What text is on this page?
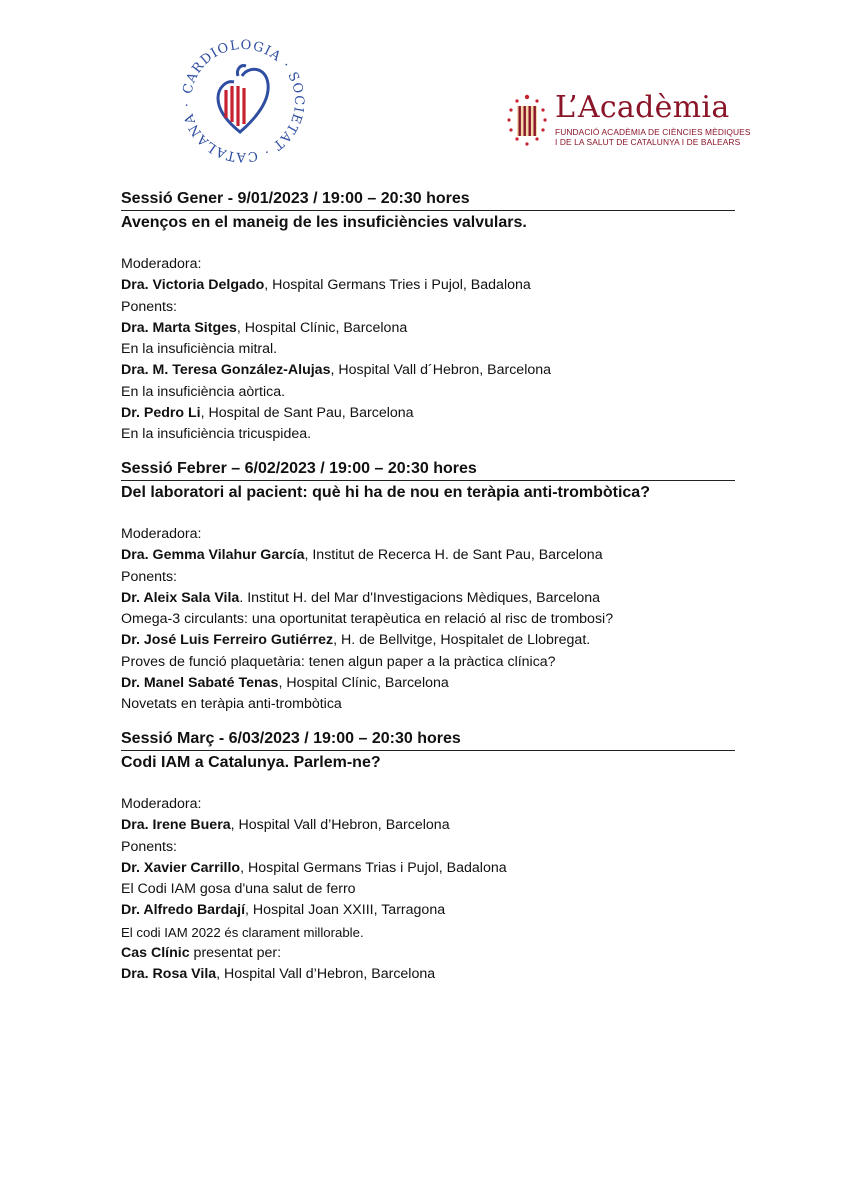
CARDIOLOGIA · SOCIETAT · CATALANA ·	L’Acadèmia
FUNDACIÓ ACADÈMIA DE CIÈNCIES MÈDIQUES
I DE LA SALUT DE CATALUNYA I DE BALEARS
Sessió Gener - 9/01/2023 / 19:00 – 20:30 hores
Avenços en el maneig de les insuficiències valvulars.
Moderadora:
Dra. Victoria Delgado, Hospital Germans Tries i Pujol, Badalona
Ponents:
Dra. Marta Sitges, Hospital Clínic, Barcelona
En la insuficiència mitral.
Dra. M. Teresa González-Alujas, Hospital Vall d´Hebron, Barcelona
En la insuficiència aòrtica.
Dr. Pedro Li, Hospital de Sant Pau, Barcelona
En la insuficiència tricuspidea.
Sessió Febrer – 6/02/2023 / 19:00 – 20:30 hores
Del laboratori al pacient: què hi ha de nou en teràpia anti-trombòtica?
Moderadora:
Dra. Gemma Vilahur García, Institut de Recerca H. de Sant Pau, Barcelona
Ponents:
Dr. Aleix Sala Vila. Institut H. del Mar d'Investigacions Mèdiques, Barcelona
Omega-3 circulants: una oportunitat terapèutica en relació al risc de trombosi?
Dr. José Luis Ferreiro Gutiérrez, H. de Bellvitge, Hospitalet de Llobregat.
Proves de funció plaquetària: tenen algun paper a la pràctica clínica?
Dr. Manel Sabaté Tenas, Hospital Clínic, Barcelona
Novetats en teràpia anti-trombòtica
Sessió Març - 6/03/2023 / 19:00 – 20:30 hores
Codi IAM a Catalunya. Parlem-ne?
Moderadora:
Dra. Irene Buera, Hospital Vall d’Hebron, Barcelona
Ponents:
Dr. Xavier Carrillo, Hospital Germans Trias i Pujol, Badalona
El Codi IAM gosa d'una salut de ferro
Dr. Alfredo Bardají, Hospital Joan XXIII, Tarragona
El codi IAM 2022 és clarament millorable.
Cas Clínic presentat per:
Dra. Rosa Vila, Hospital Vall d’Hebron, Barcelona
